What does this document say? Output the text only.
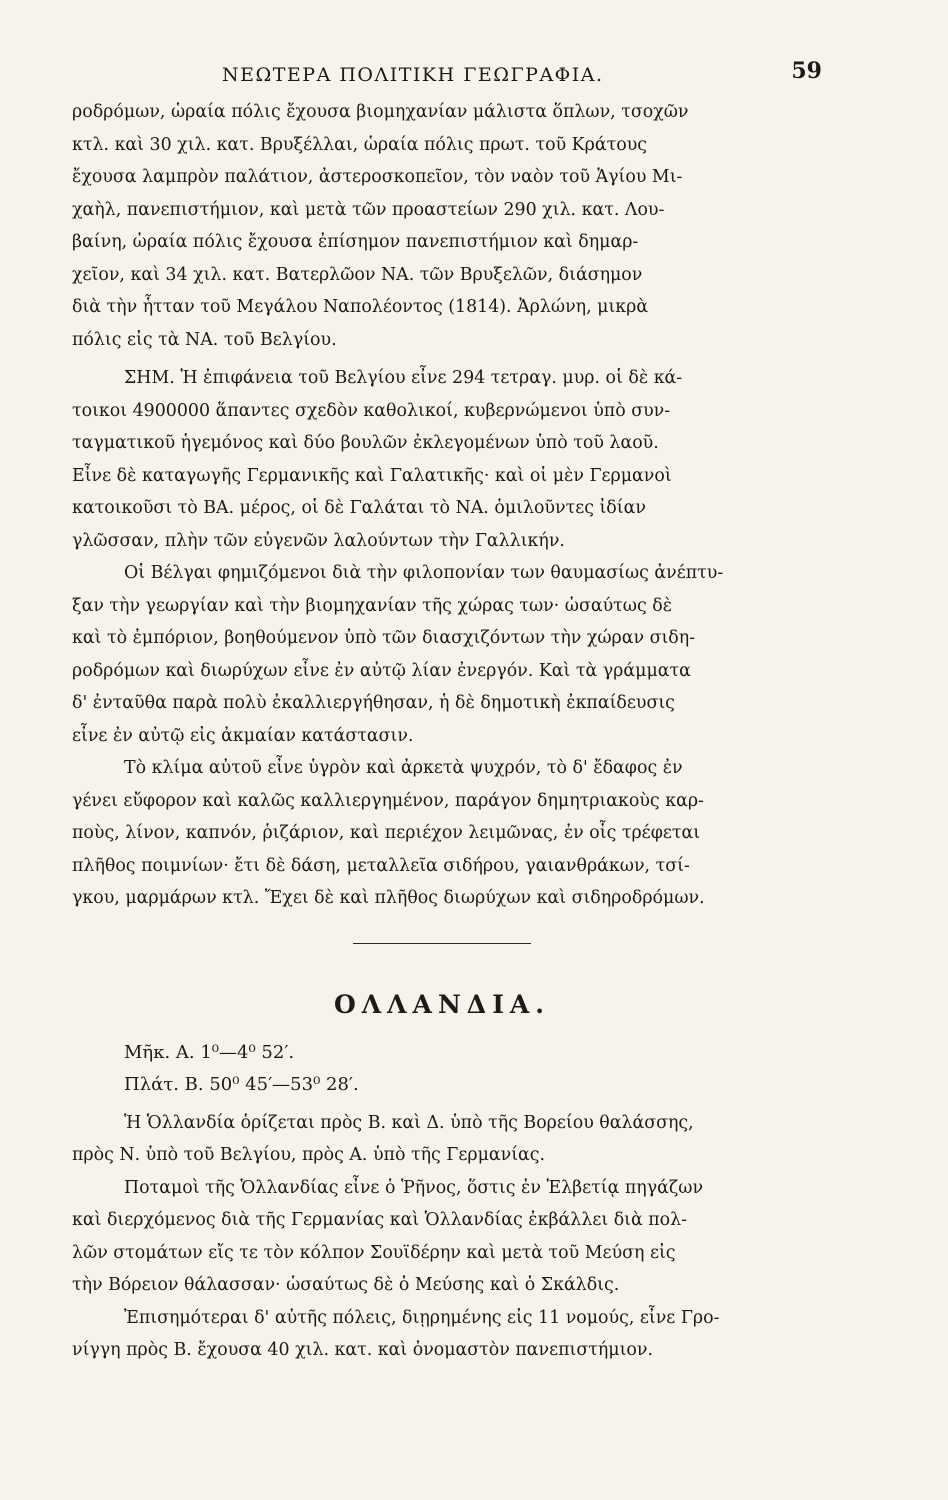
ΝΕΩΤΕΡΑ ΠΟΛΙΤΙΚΗ ΓΕΩΓΡΑΦΙΑ.	59

ροδρόμων, ὡραία πόλις ἔχουσα βιομηχανίαν μάλιστα ὅπλων, τσοχῶν
κτλ. καὶ 30 χιλ. κατ. Βρυξέλλαι, ὡραία πόλις πρωτ. τοῦ Κράτους
ἔχουσα λαμπρὸν παλάτιον, ἀστεροσκοπεῖον, τὸν ναὸν τοῦ Ἁγίου Μι-
χαὴλ, πανεπιστήμιον, καὶ μετὰ τῶν προαστείων 290 χιλ. κατ. Λου-
βαίνη, ὡραία πόλις ἔχουσα ἐπίσημον πανεπιστήμιον καὶ δημαρ-
χεῖον, καὶ 34 χιλ. κατ. Βατερλῶον ΝΑ. τῶν Βρυξελῶν, διάσημον
διὰ τὴν ἧτταν τοῦ Μεγάλου Ναπολέοντος (1814). Ἀρλώνη, μικρὰ
πόλις εἰς τὰ ΝΑ. τοῦ Βελγίου.

ΣΗΜ. Ἡ ἐπιφάνεια τοῦ Βελγίου εἶνε 294 τετραγ. μυρ. οἱ δὲ κά-
τοικοι 4900000 ἅπαντες σχεδὸν καθολικοί, κυβερνώμενοι ὑπὸ συν-
ταγματικοῦ ἡγεμόνος καὶ δύο βουλῶν ἐκλεγομένων ὑπὸ τοῦ λαοῦ.
Εἶνε δὲ καταγωγῆς Γερμανικῆς καὶ Γαλατικῆς· καὶ οἱ μὲν Γερμανοὶ
κατοικοῦσι τὸ ΒΑ. μέρος, οἱ δὲ Γαλάται τὸ ΝΑ. ὁμιλοῦντες ἰδίαν
γλῶσσαν, πλὴν τῶν εὐγενῶν λαλούντων τὴν Γαλλικήν.

Οἱ Βέλγαι φημιζόμενοι διὰ τὴν φιλοπονίαν των θαυμασίως ἀνέπτυ-
ξαν τὴν γεωργίαν καὶ τὴν βιομηχανίαν τῆς χώρας των· ὡσαύτως δὲ
καὶ τὸ ἐμπόριον, βοηθούμενον ὑπὸ τῶν διασχιζόντων τὴν χώραν σιδη-
ροδρόμων καὶ διωρύχων εἶνε ἐν αὐτῷ λίαν ἐνεργόν. Καὶ τὰ γράμματα
δ' ἐνταῦθα παρὰ πολὺ ἐκαλλιεργήθησαν, ἡ δὲ δημοτικὴ ἐκπαίδευσις
εἶνε ἐν αὐτῷ εἰς ἀκμαίαν κατάστασιν.

Τὸ κλίμα αὐτοῦ εἶνε ὑγρὸν καὶ ἀρκετὰ ψυχρόν, τὸ δ' ἔδαφος ἐν
γένει εὔφορον καὶ καλῶς καλλιεργημένον, παράγον δημητριακοὺς καρ-
ποὺς, λίνον, καπνόν, ῥιζάριον, καὶ περιέχον λειμῶνας, ἐν οἷς τρέφεται
πλῆθος ποιμνίων· ἔτι δὲ δάση, μεταλλεῖα σιδήρου, γαιανθράκων, τσί-
γκου, μαρμάρων κτλ. Ἔχει δὲ καὶ πλῆθος διωρύχων καὶ σιδηροδρόμων.

ΟΛΛΑΝΔΙΑ.

Μῆκ. Α. 1⁰—4⁰ 52′.

Πλάτ. Β. 50⁰ 45′—53⁰ 28′.

Ἡ Ὁλλανδία ὁρίζεται πρὸς Β. καὶ Δ. ὑπὸ τῆς Βορείου θαλάσσης,
πρὸς Ν. ὑπὸ τοῦ Βελγίου, πρὸς Α. ὑπὸ τῆς Γερμανίας.

Ποταμοὶ τῆς Ὁλλανδίας εἶνε ὁ Ῥῆνος, ὅστις ἐν Ἑλβετίᾳ πηγάζων
καὶ διερχόμενος διὰ τῆς Γερμανίας καὶ Ὁλλανδίας ἐκβάλλει διὰ πολ-
λῶν στομάτων εἴς τε τὸν κόλπον Σουϊδέρην καὶ μετὰ τοῦ Μεύση εἰς
τὴν Βόρειον θάλασσαν· ὡσαύτως δὲ ὁ Μεύσης καὶ ὁ Σκάλδις.

Ἐπισημότεραι δ' αὐτῆς πόλεις, διῃρημένης εἰς 11 νομούς, εἶνε Γρο-
νίγγη πρὸς Β. ἔχουσα 40 χιλ. κατ. καὶ ὀνομαστὸν πανεπιστήμιον.
